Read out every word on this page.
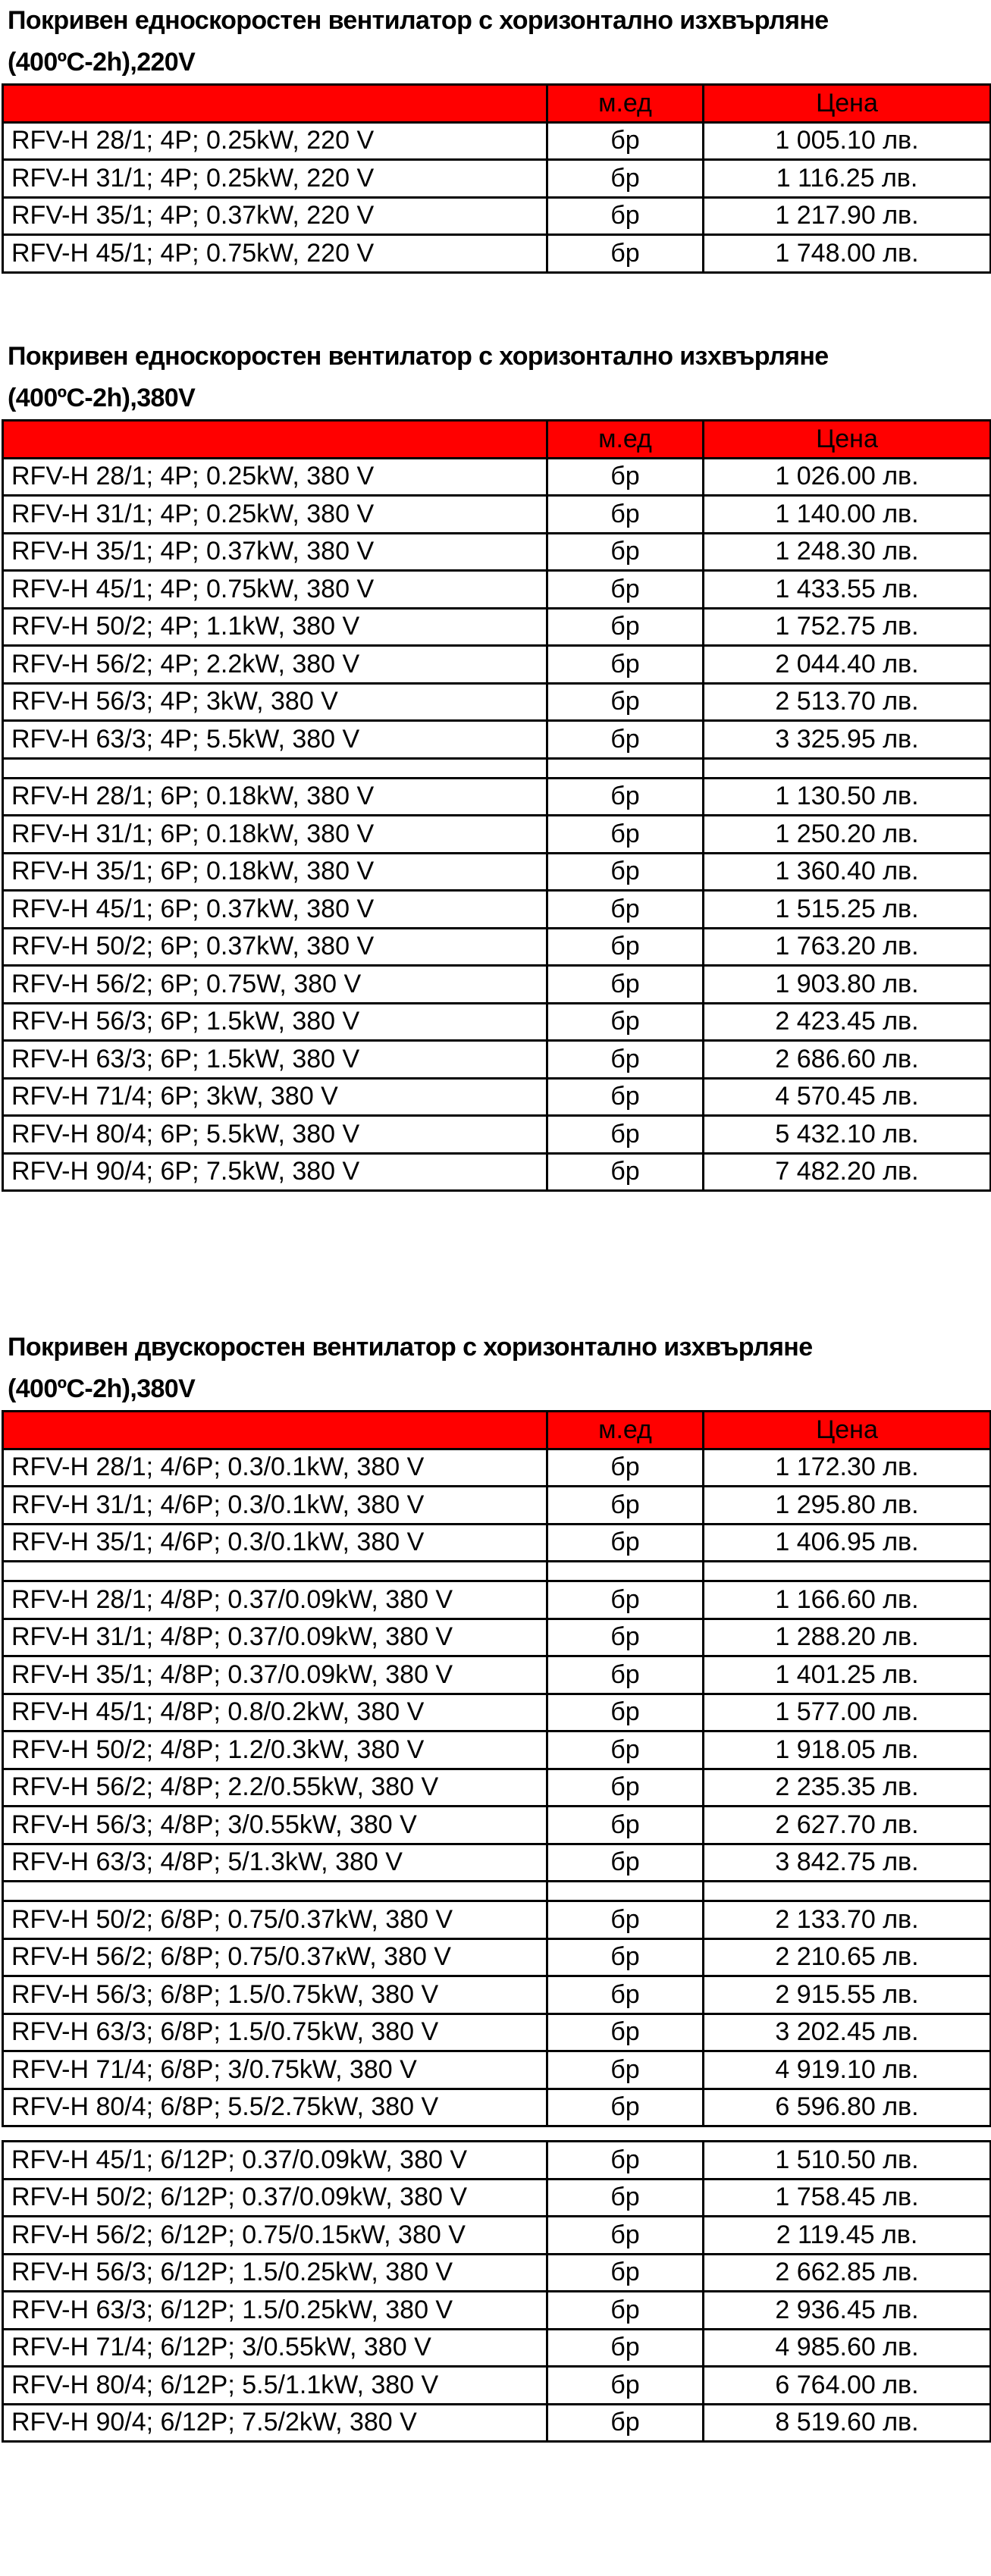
Покривен едноскоростен вентилатор с хоризонтално изхвърляне
(400ºC-2h),220V
	м.ед	Цена
RFV-H 28/1; 4P; 0.25kW, 220 V	бр	1 005.10 лв.
RFV-H 31/1; 4P; 0.25kW, 220 V	бр	1 116.25 лв.
RFV-H 35/1; 4P; 0.37kW, 220 V	бр	1 217.90 лв.
RFV-H 45/1; 4P; 0.75kW, 220 V	бр	1 748.00 лв.
Покривен едноскоростен вентилатор с хоризонтално изхвърляне
(400ºC-2h),380V
	м.ед	Цена
RFV-H 28/1; 4P; 0.25kW, 380 V	бр	1 026.00 лв.
RFV-H 31/1; 4P; 0.25kW, 380 V	бр	1 140.00 лв.
RFV-H 35/1; 4P; 0.37kW, 380 V	бр	1 248.30 лв.
RFV-H 45/1; 4P; 0.75kW, 380 V	бр	1 433.55 лв.
RFV-H 50/2; 4P; 1.1kW, 380 V	бр	1 752.75 лв.
RFV-H 56/2; 4P; 2.2kW, 380 V	бр	2 044.40 лв.
RFV-H 56/3; 4P; 3kW, 380 V	бр	2 513.70 лв.
RFV-H 63/3; 4P; 5.5kW, 380 V	бр	3 325.95 лв.

RFV-H 28/1; 6P; 0.18kW, 380 V	бр	1 130.50 лв.
RFV-H 31/1; 6P; 0.18kW, 380 V	бр	1 250.20 лв.
RFV-H 35/1; 6P; 0.18kW, 380 V	бр	1 360.40 лв.
RFV-H 45/1; 6P; 0.37kW, 380 V	бр	1 515.25 лв.
RFV-H 50/2; 6P; 0.37kW, 380 V	бр	1 763.20 лв.
RFV-H 56/2; 6P; 0.75W, 380 V	бр	1 903.80 лв.
RFV-H 56/3; 6P; 1.5kW, 380 V	бр	2 423.45 лв.
RFV-H 63/3; 6P; 1.5kW, 380 V	бр	2 686.60 лв.
RFV-H 71/4; 6P; 3kW, 380 V	бр	4 570.45 лв.
RFV-H 80/4; 6P; 5.5kW, 380 V	бр	5 432.10 лв.
RFV-H 90/4; 6P; 7.5kW, 380 V	бр	7 482.20 лв.
Покривен двускоростен вентилатор с хоризонтално изхвърляне
(400ºC-2h),380V
	м.ед	Цена
RFV-H 28/1; 4/6P; 0.3/0.1kW, 380 V	бр	1 172.30 лв.
RFV-H 31/1; 4/6P; 0.3/0.1kW, 380 V	бр	1 295.80 лв.
RFV-H 35/1; 4/6P; 0.3/0.1kW, 380 V	бр	1 406.95 лв.

RFV-H 28/1; 4/8P; 0.37/0.09kW, 380 V	бр	1 166.60 лв.
RFV-H 31/1; 4/8P; 0.37/0.09kW, 380 V	бр	1 288.20 лв.
RFV-H 35/1; 4/8P; 0.37/0.09kW, 380 V	бр	1 401.25 лв.
RFV-H 45/1; 4/8P; 0.8/0.2kW, 380 V	бр	1 577.00 лв.
RFV-H 50/2; 4/8P; 1.2/0.3kW, 380 V	бр	1 918.05 лв.
RFV-H 56/2; 4/8P; 2.2/0.55kW, 380 V	бр	2 235.35 лв.
RFV-H 56/3; 4/8P; 3/0.55kW, 380 V	бр	2 627.70 лв.
RFV-H 63/3; 4/8P; 5/1.3kW, 380 V	бр	3 842.75 лв.

RFV-H 50/2; 6/8P; 0.75/0.37kW, 380 V	бр	2 133.70 лв.
RFV-H 56/2; 6/8P; 0.75/0.37кW, 380 V	бр	2 210.65 лв.
RFV-H 56/3; 6/8P; 1.5/0.75kW, 380 V	бр	2 915.55 лв.
RFV-H 63/3; 6/8P; 1.5/0.75kW, 380 V	бр	3 202.45 лв.
RFV-H 71/4; 6/8P; 3/0.75kW, 380 V	бр	4 919.10 лв.
RFV-H 80/4; 6/8P; 5.5/2.75kW, 380 V	бр	6 596.80 лв.

RFV-H 45/1; 6/12P; 0.37/0.09kW, 380 V	бр	1 510.50 лв.
RFV-H 50/2; 6/12P; 0.37/0.09kW, 380 V	бр	1 758.45 лв.
RFV-H 56/2; 6/12P; 0.75/0.15кW, 380 V	бр	2 119.45 лв.
RFV-H 56/3; 6/12P; 1.5/0.25kW, 380 V	бр	2 662.85 лв.
RFV-H 63/3; 6/12P; 1.5/0.25kW, 380 V	бр	2 936.45 лв.
RFV-H 71/4; 6/12P; 3/0.55kW, 380 V	бр	4 985.60 лв.
RFV-H 80/4; 6/12P; 5.5/1.1kW, 380 V	бр	6 764.00 лв.
RFV-H 90/4; 6/12P; 7.5/2kW, 380 V	бр	8 519.60 лв.
